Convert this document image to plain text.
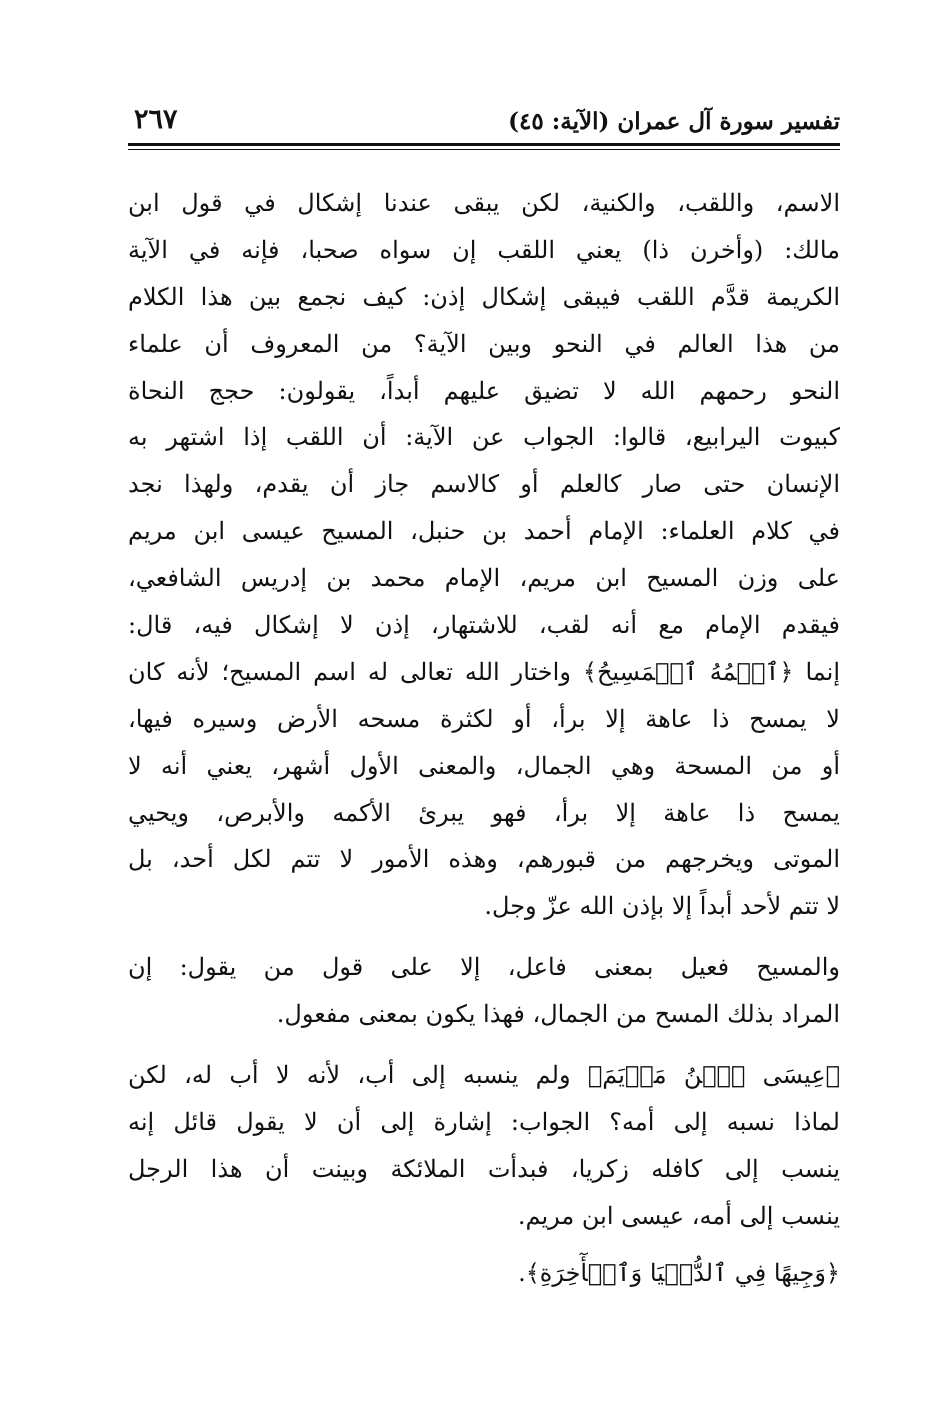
تفسير سورة آل عمران (الآية: ٤٥)
٢٦٧
الاسم، واللقب، والكنية، لكن يبقى عندنا إشكال في قول ابن
مالك: (وأخرن ذا) يعني اللقب إن سواه صحبا، فإنه في الآية
الكريمة قدَّم اللقب فيبقى إشكال إذن: كيف نجمع بين هذا الكلام
من هذا العالم في النحو وبين الآية؟ من المعروف أن علماء
النحو رحمهم الله لا تضيق عليهم أبداً، يقولون: حجج النحاة
كبيوت اليرابيع، قالوا: الجواب عن الآية: أن اللقب إذا اشتهر به
الإنسان حتى صار كالعلم أو كالاسم جاز أن يقدم، ولهذا نجد
في كلام العلماء: الإمام أحمد بن حنبل، المسيح عيسى ابن مريم
على وزن المسيح ابن مريم، الإمام محمد بن إدريس الشافعي،
فيقدم الإمام مع أنه لقب، للاشتهار، إذن لا إشكال فيه، قال:
إنما ﴿ٱسۡمُهُ ٱلۡمَسِيحُ﴾ واختار الله تعالى له اسم المسيح؛ لأنه كان
لا يمسح ذا عاهة إلا برأ، أو لكثرة مسحه الأرض وسيره فيها،
أو من المسحة وهي الجمال، والمعنى الأول أشهر، يعني أنه لا
يمسح ذا عاهة إلا برأ، فهو يبرئ الأكمه والأبرص، ويحيي
الموتى ويخرجهم من قبورهم، وهذه الأمور لا تتم لكل أحد، بل
لا تتم لأحد أبداً إلا بإذن الله عزّ وجل.
والمسيح فعيل بمعنى فاعل، إلا على قول من يقول: إن
المراد بذلك المسح من الجمال، فهذا يكون بمعنى مفعول.
﴿عِيسَى ٱبۡنُ مَرۡيَمَ﴾ ولم ينسبه إلى أب، لأنه لا أب له، لكن
لماذا نسبه إلى أمه؟ الجواب: إشارة إلى أن لا يقول قائل إنه
ينسب إلى كافله زكريا، فبدأت الملائكة وبينت أن هذا الرجل
ينسب إلى أمه، عيسى ابن مريم.
﴿وَجِيهًا فِي ٱلدُّنۡيَا وَٱلۡأٓخِرَةِ﴾.
